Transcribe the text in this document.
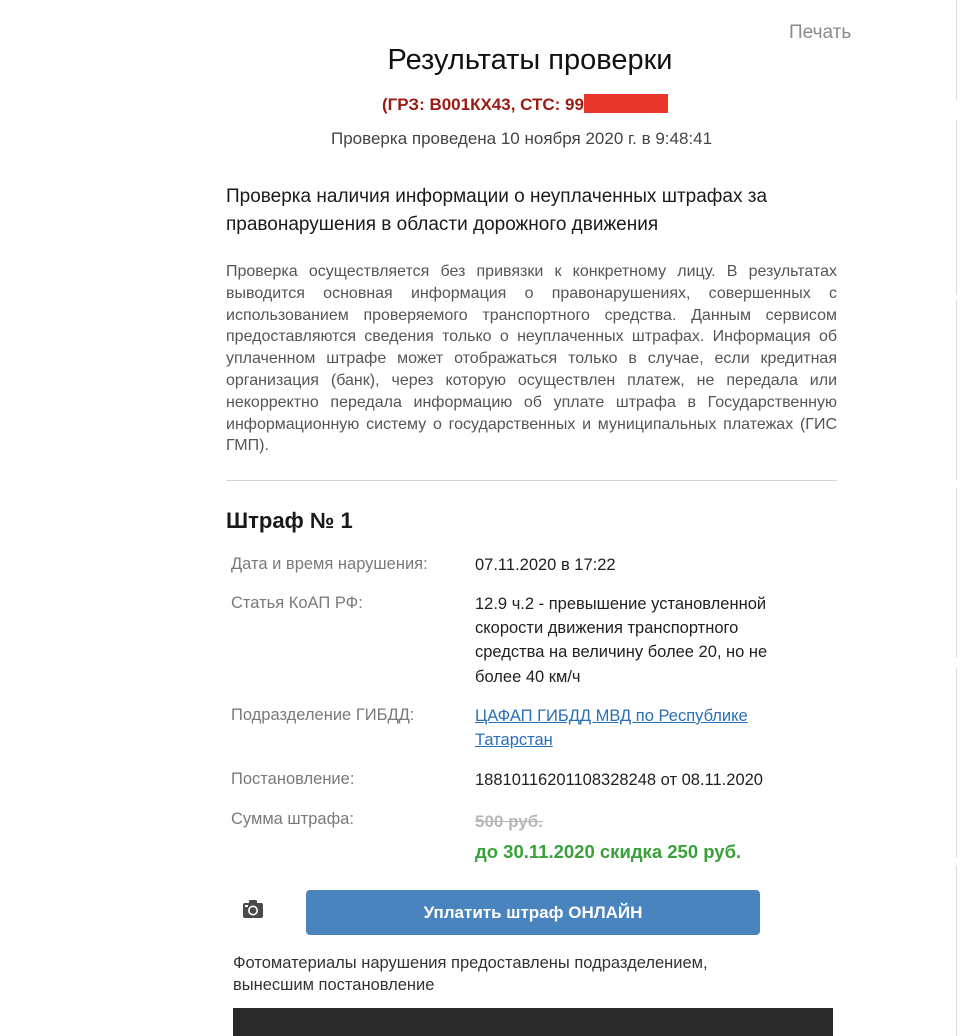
Печать
Результаты проверки
(ГРЗ: В001КХ43, СТС: 99
Проверка проведена 10 ноября 2020 г. в 9:48:41
Проверка наличия информации о неуплаченных штрафах за правонарушения в области дорожного движения
Проверка осуществляется без привязки к конкретному лицу. В результатах выводится основная информация о правонарушениях, совершенных с использованием проверяемого транспортного средства. Данным сервисом предоставляются сведения только о неуплаченных штрафах. Информация об уплаченном штрафе может отображаться только в случае, если кредитная организация (банк), через которую осуществлен платеж, не передала или некорректно передала информацию об уплате штрафа в Государственную информационную систему о государственных и муниципальных платежах (ГИС ГМП).
Штраф № 1
Дата и время нарушения:	07.11.2020 в 17:22
Статья КоАП РФ:	12.9 ч.2 - превышение установленной скорости движения транспортного средства на величину более 20, но не более 40 км/ч
Подразделение ГИБДД:	ЦАФАП ГИБДД МВД по Республике Татарстан
Постановление:	18810116201108328248 от 08.11.2020
Сумма штрафа:	500 руб.
до 30.11.2020 скидка 250 руб.
Уплатить штраф ОНЛАЙН
Фотоматериалы нарушения предоставлены подразделением, вынесшим постановление
